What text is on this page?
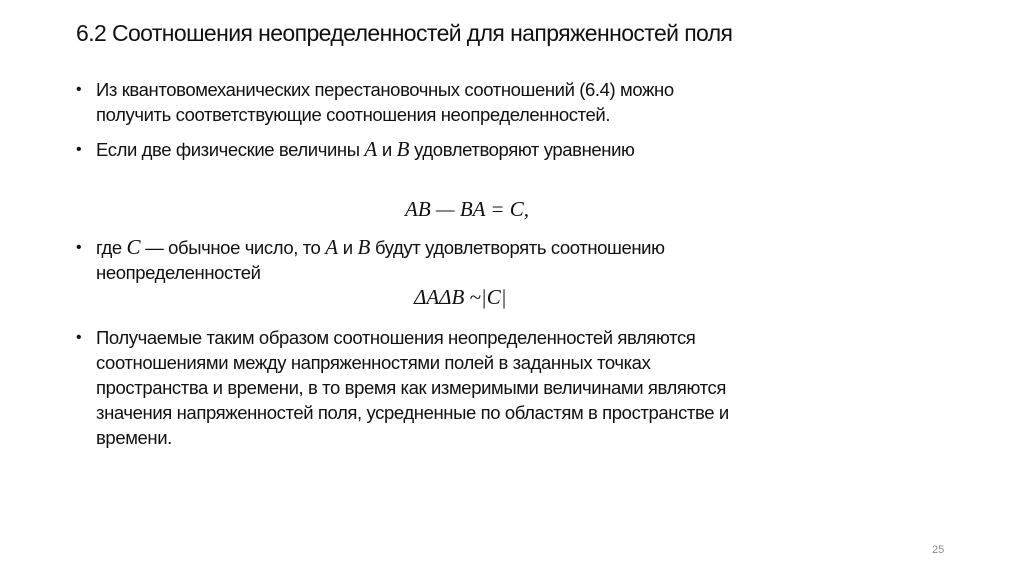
6.2 Соотношения неопределенностей для напряженностей поля
• Из квантовомеханических перестановочных соотношений (6.4) можно
получить соответствующие соотношения неопределенностей.
• Если две физические величины A и B удовлетворяют уравнению
AB — BA = C,
• где C — обычное число, то A и B будут удовлетворять соотношению
неопределенностей
ΔAΔB ~|C|
• Получаемые таким образом соотношения неопределенностей являются
соотношениями между напряженностями полей в заданных точках
пространства и времени, в то время как измеримыми величинами являются
значения напряженностей поля, усредненные по областям в пространстве и
времени.
25
